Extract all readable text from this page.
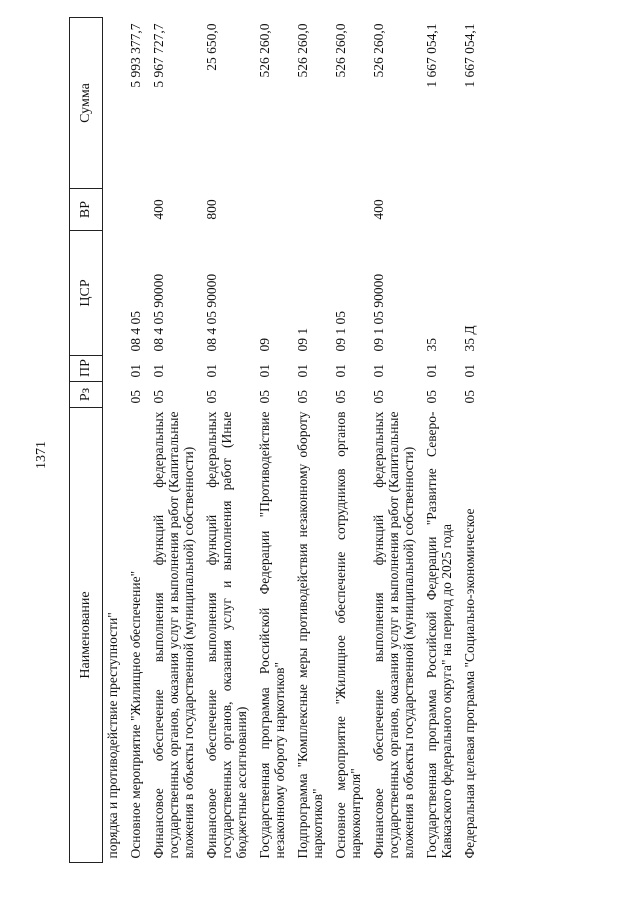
1371
Наименование	Рз	ПР	ЦСР	ВР	Сумма
порядка и противодействие преступности"					
Основное мероприятие "Жилищное обеспечение"	05	01	08 4 05		5 993 377,7
Финансовое обеспечение выполнения функций федеральных государственных органов, оказания услуг и выполнения работ (Капитальные вложения в объекты государственной (муниципальной) собственности)	05	01	08 4 05 90000	400	5 967 727,7
Финансовое обеспечение выполнения функций федеральных государственных органов, оказания услуг и выполнения работ (Иные бюджетные ассигнования)	05	01	08 4 05 90000	800	25 650,0
Государственная программа Российской Федерации "Противодействие незаконному обороту наркотиков"	05	01	09		526 260,0
Подпрограмма "Комплексные меры противодействия незаконному обороту наркотиков"	05	01	09 1		526 260,0
Основное мероприятие "Жилищное обеспечение сотрудников органов наркоконтроля"	05	01	09 1 05		526 260,0
Финансовое обеспечение выполнения функций федеральных государственных органов, оказания услуг и выполнения работ (Капитальные вложения в объекты государственной (муниципальной) собственности)	05	01	09 1 05 90000	400	526 260,0
Государственная программа Российской Федерации "Развитие Северо-Кавказского федерального округа" на период до 2025 года	05	01	35		1 667 054,1
Федеральная целевая программа "Социально-экономическое	05	01	35 Д		1 667 054,1
